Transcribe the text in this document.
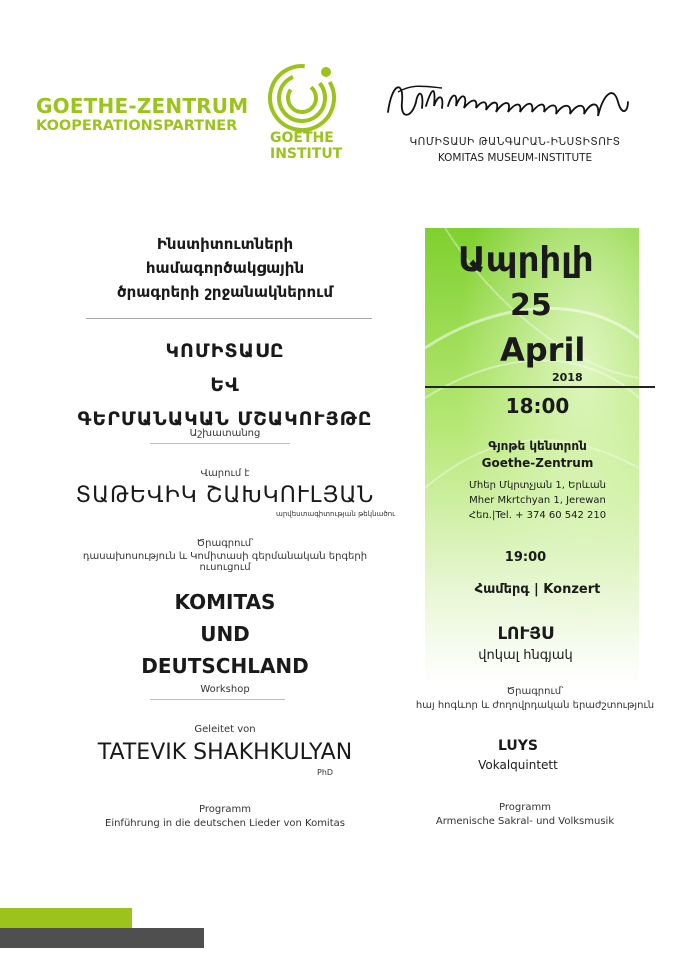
GOETHE-ZENTRUM
KOOPERATIONSPARTNER
GOETHE
INSTITUT
ԿՈՄԻՏԱՍԻ ԹԱՆԳԱՐԱՆ-ԻՆՍՏԻՏՈՒՏ
KOMITAS MUSEUM-INSTITUTE
Ինստիտուտների
համագործակցային
ծրագրերի շրջանակներում
ԿՈՄԻՏԱՍԸ
ԵՎ
ԳԵՐՄԱՆԱԿԱՆ ՄՇԱԿՈՒՅԹԸ
Աշխատանոց
Վարում է
ՏԱԹԵՎԻԿ ՇԱԽԿՈՒԼՅԱՆ
արվեստագիտության թեկնածու
Ծրագրում՝
դասախոսություն և Կոմիտասի գերմանական երգերի ուսուցում
KOMITAS
UND
DEUTSCHLAND
Workshop
Geleitet von
TATEVIK SHAKHKULYAN
PhD
Programm
Einführung in die deutschen Lieder von Komitas
Ապրիլի
25
April
2018
18:00
Գյոթե կենտրոն
Goethe-Zentrum
Մհեր Մկրտչյան 1, Երևան
Mher Mkrtchyan 1, Jerewan
Հեռ.|Tel. + 374 60 542 210
19:00
Համերգ | Konzert
ԼՈՒՅՍ
վոկալ հնգյակ
Ծրագրում՝
հայ հոգևոր և ժողովրդական երաժշտություն
LUYS
Vokalquintett
Programm
Armenische Sakral- und Volksmusik
